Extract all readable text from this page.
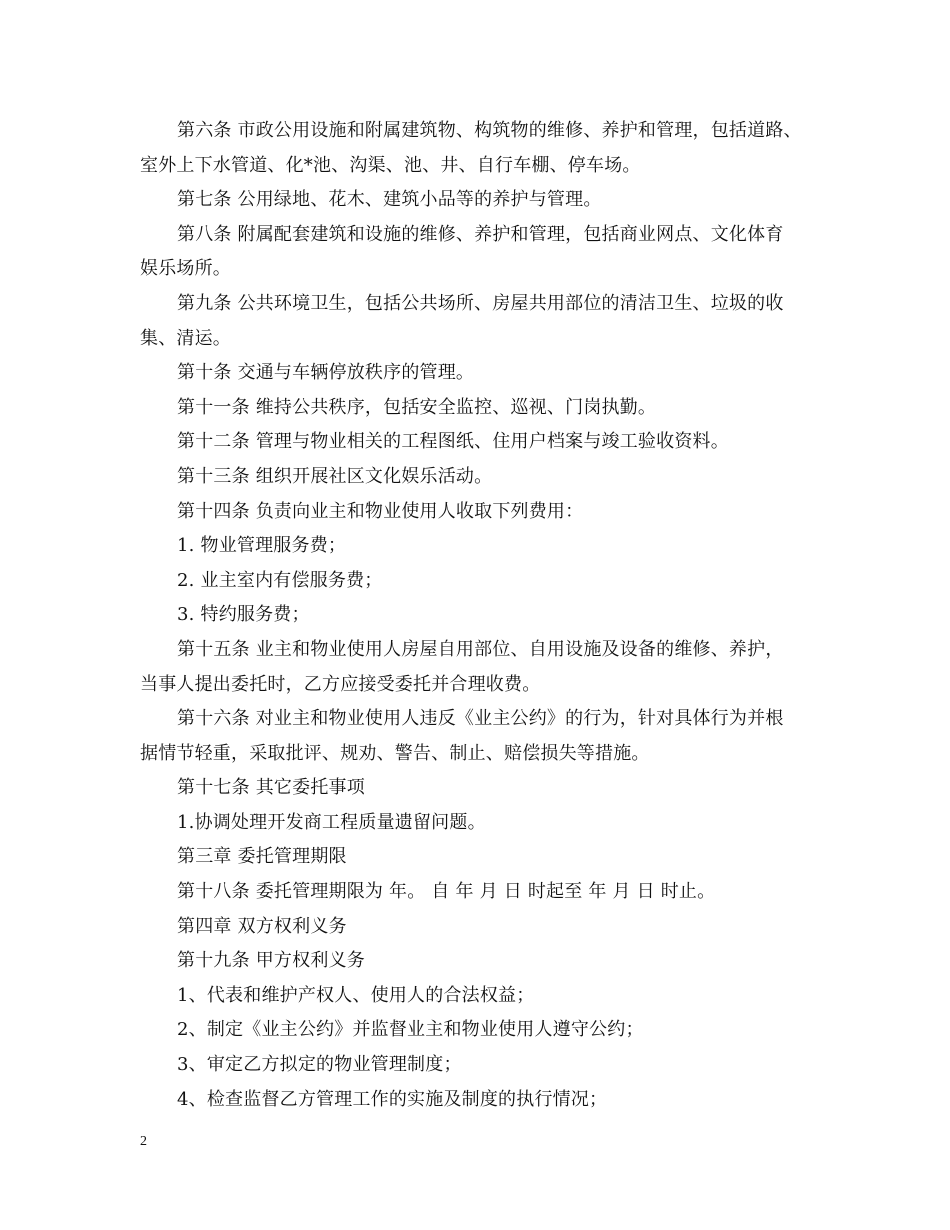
第六条 市政公用设施和附属建筑物、构筑物的维修、养护和管理，包括道路、
室外上下水管道、化*池、沟渠、池、井、自行车棚、停车场。
第七条 公用绿地、花木、建筑小品等的养护与管理。
第八条 附属配套建筑和设施的维修、养护和管理，包括商业网点、文化体育
娱乐场所。
第九条 公共环境卫生，包括公共场所、房屋共用部位的清洁卫生、垃圾的收
集、清运。
第十条 交通与车辆停放秩序的管理。
第十一条 维持公共秩序，包括安全监控、巡视、门岗执勤。
第十二条 管理与物业相关的工程图纸、住用户档案与竣工验收资料。
第十三条 组织开展社区文化娱乐活动。
第十四条 负责向业主和物业使用人收取下列费用：
1. 物业管理服务费；
2. 业主室内有偿服务费；
3. 特约服务费；
第十五条 业主和物业使用人房屋自用部位、自用设施及设备的维修、养护，
当事人提出委托时，乙方应接受委托并合理收费。
第十六条 对业主和物业使用人违反《业主公约》的行为，针对具体行为并根
据情节轻重，采取批评、规劝、警告、制止、赔偿损失等措施。
第十七条 其它委托事项
1.协调处理开发商工程质量遗留问题。
第三章 委托管理期限
第十八条 委托管理期限为 年。 自 年 月 日 时起至 年 月 日 时止。
第四章 双方权利义务
第十九条 甲方权利义务
1、代表和维护产权人、使用人的合法权益；
2、制定《业主公约》并监督业主和物业使用人遵守公约；
3、审定乙方拟定的物业管理制度；
4、检查监督乙方管理工作的实施及制度的执行情况；
2
